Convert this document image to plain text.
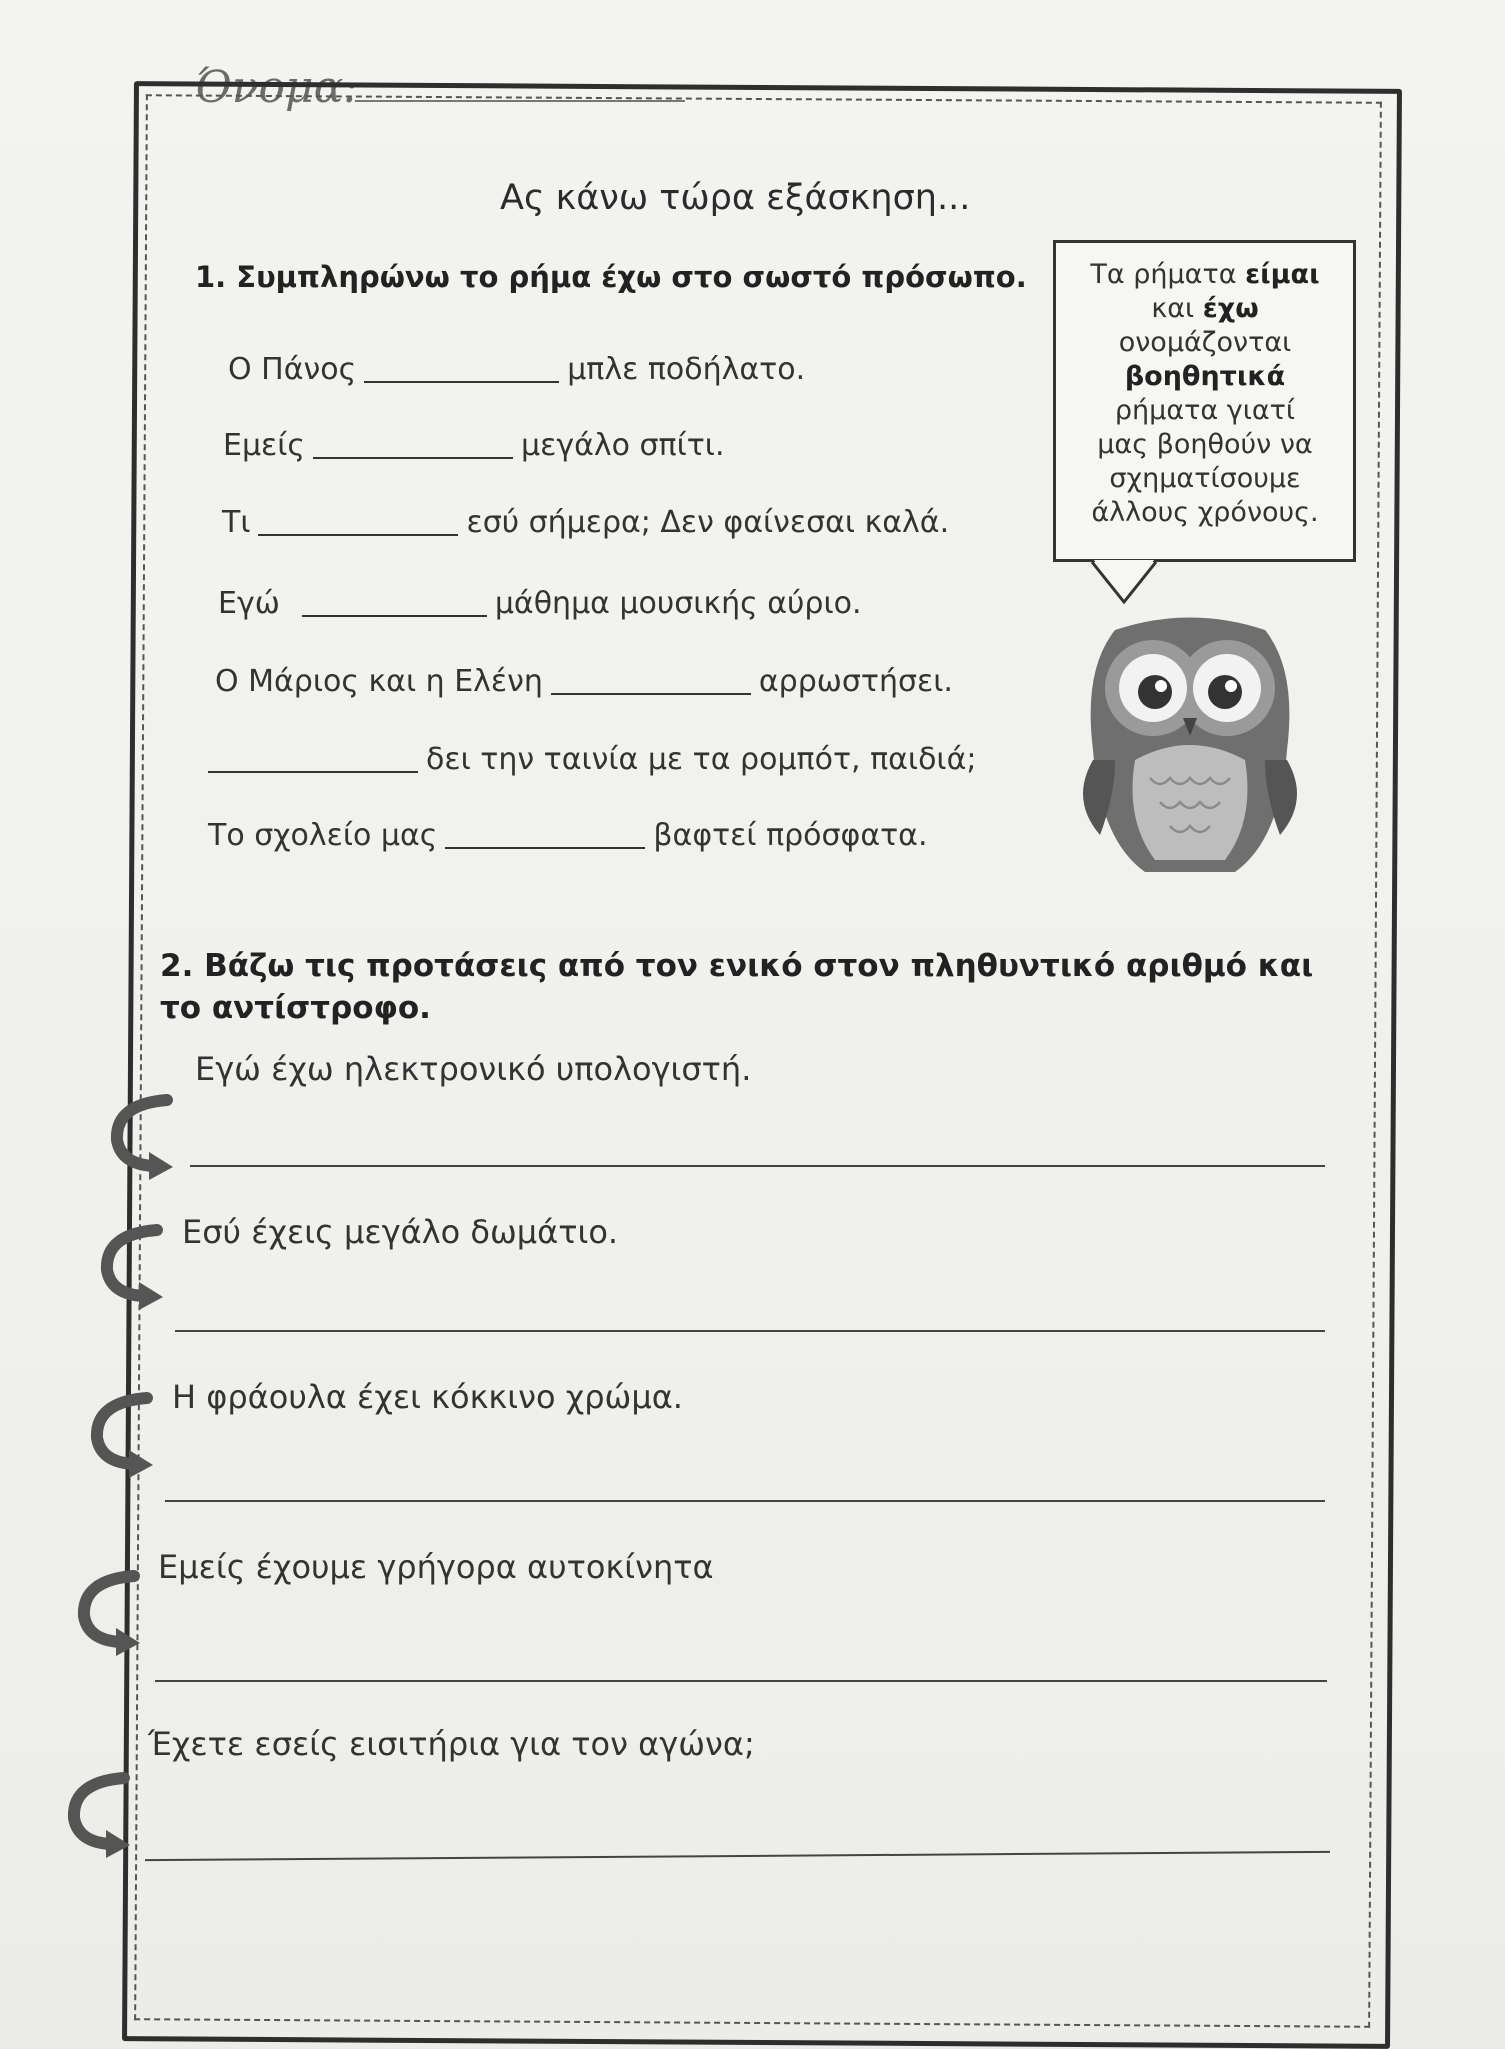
Όνομα:
Ας κάνω τώρα εξάσκηση...
1. Συμπληρώνω το ρήμα έχω στο σωστό πρόσωπο.
Ο Πάνος	μπλε ποδήλατο.
Εμείς	μεγάλο σπίτι.
Τι	εσύ σήμερα; Δεν φαίνεσαι καλά.
Εγώ	μάθημα μουσικής αύριο.
Ο Μάριος και η Ελένη	αρρωστήσει.
δει την ταινία με τα ρομπότ, παιδιά;
Το σχολείο μας	βαφτεί πρόσφατα.
Τα ρήματα είμαι
και έχω
ονομάζονται
βοηθητικά
ρήματα γιατί
μας βοηθούν να
σχηματίσουμε
άλλους χρόνους.
2. Βάζω τις προτάσεις από τον ενικό στον πληθυντικό αριθμό και το αντίστροφο.
Εγώ έχω ηλεκτρονικό υπολογιστή.
Εσύ έχεις μεγάλο δωμάτιο.
Η φράουλα έχει κόκκινο χρώμα.
Εμείς έχουμε γρήγορα αυτοκίνητα
Έχετε εσείς εισιτήρια για τον αγώνα;
